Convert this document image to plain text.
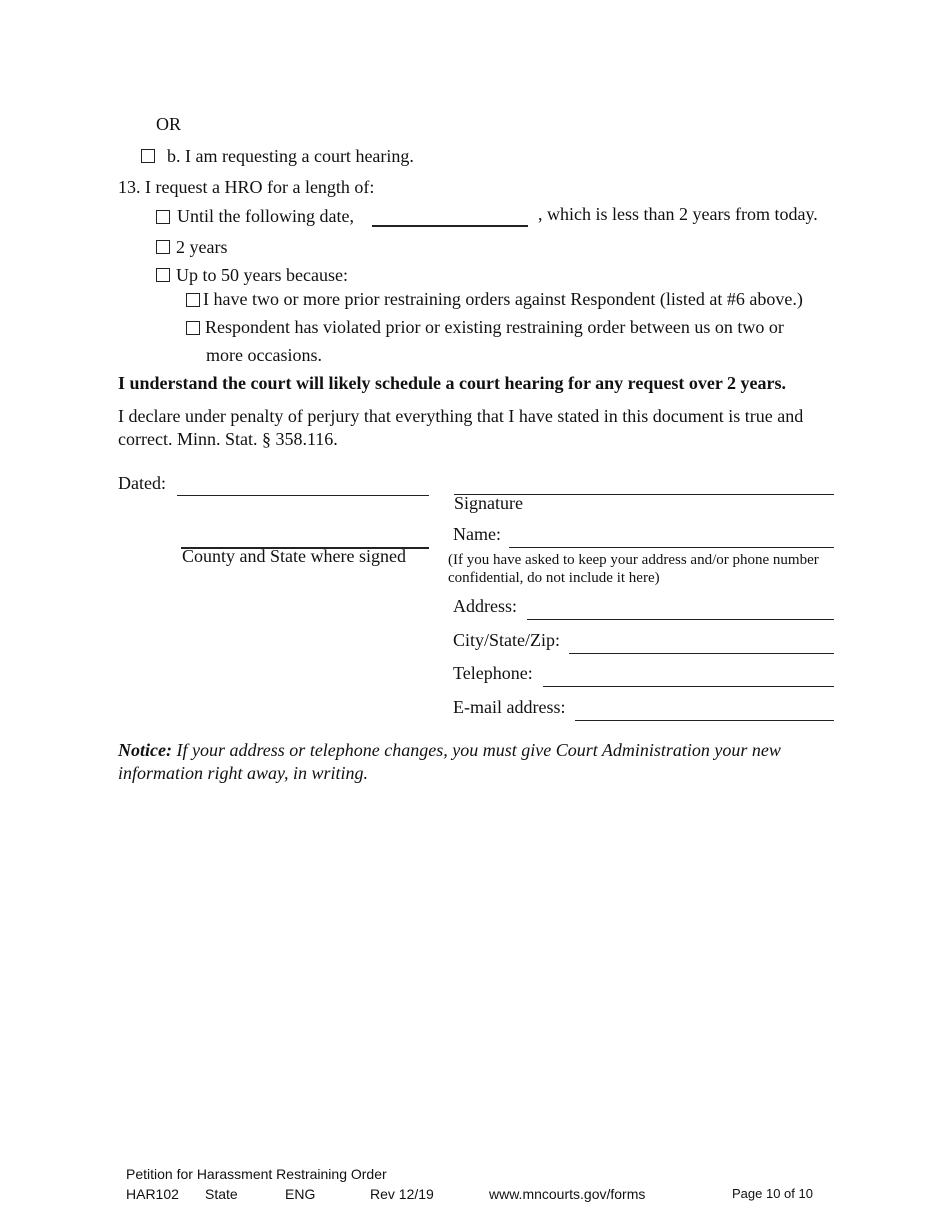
OR
b. I am requesting a court hearing.
13. I request a HRO for a length of:
Until the following date,	, which is less than 2 years from today.
2 years
Up to 50 years because:
I have two or more prior restraining orders against Respondent (listed at #6 above.)
Respondent has violated prior or existing restraining order between us on two or
more occasions.
I understand the court will likely schedule a court hearing for any request over 2 years.
I declare under penalty of perjury that everything that I have stated in this document is true and
correct. Minn. Stat. § 358.116.
Dated:
County and State where signed
Signature
Name:
(If you have asked to keep your address and/or phone number
confidential, do not include it here)
Address:
City/State/Zip:
Telephone:
E-mail address:
Notice: If your address or telephone changes, you must give Court Administration your new
information right away, in writing.
Petition for Harassment Restraining Order
HAR102 State	ENG	Rev 12/19	www.mncourts.gov/forms	Page 10 of 10
